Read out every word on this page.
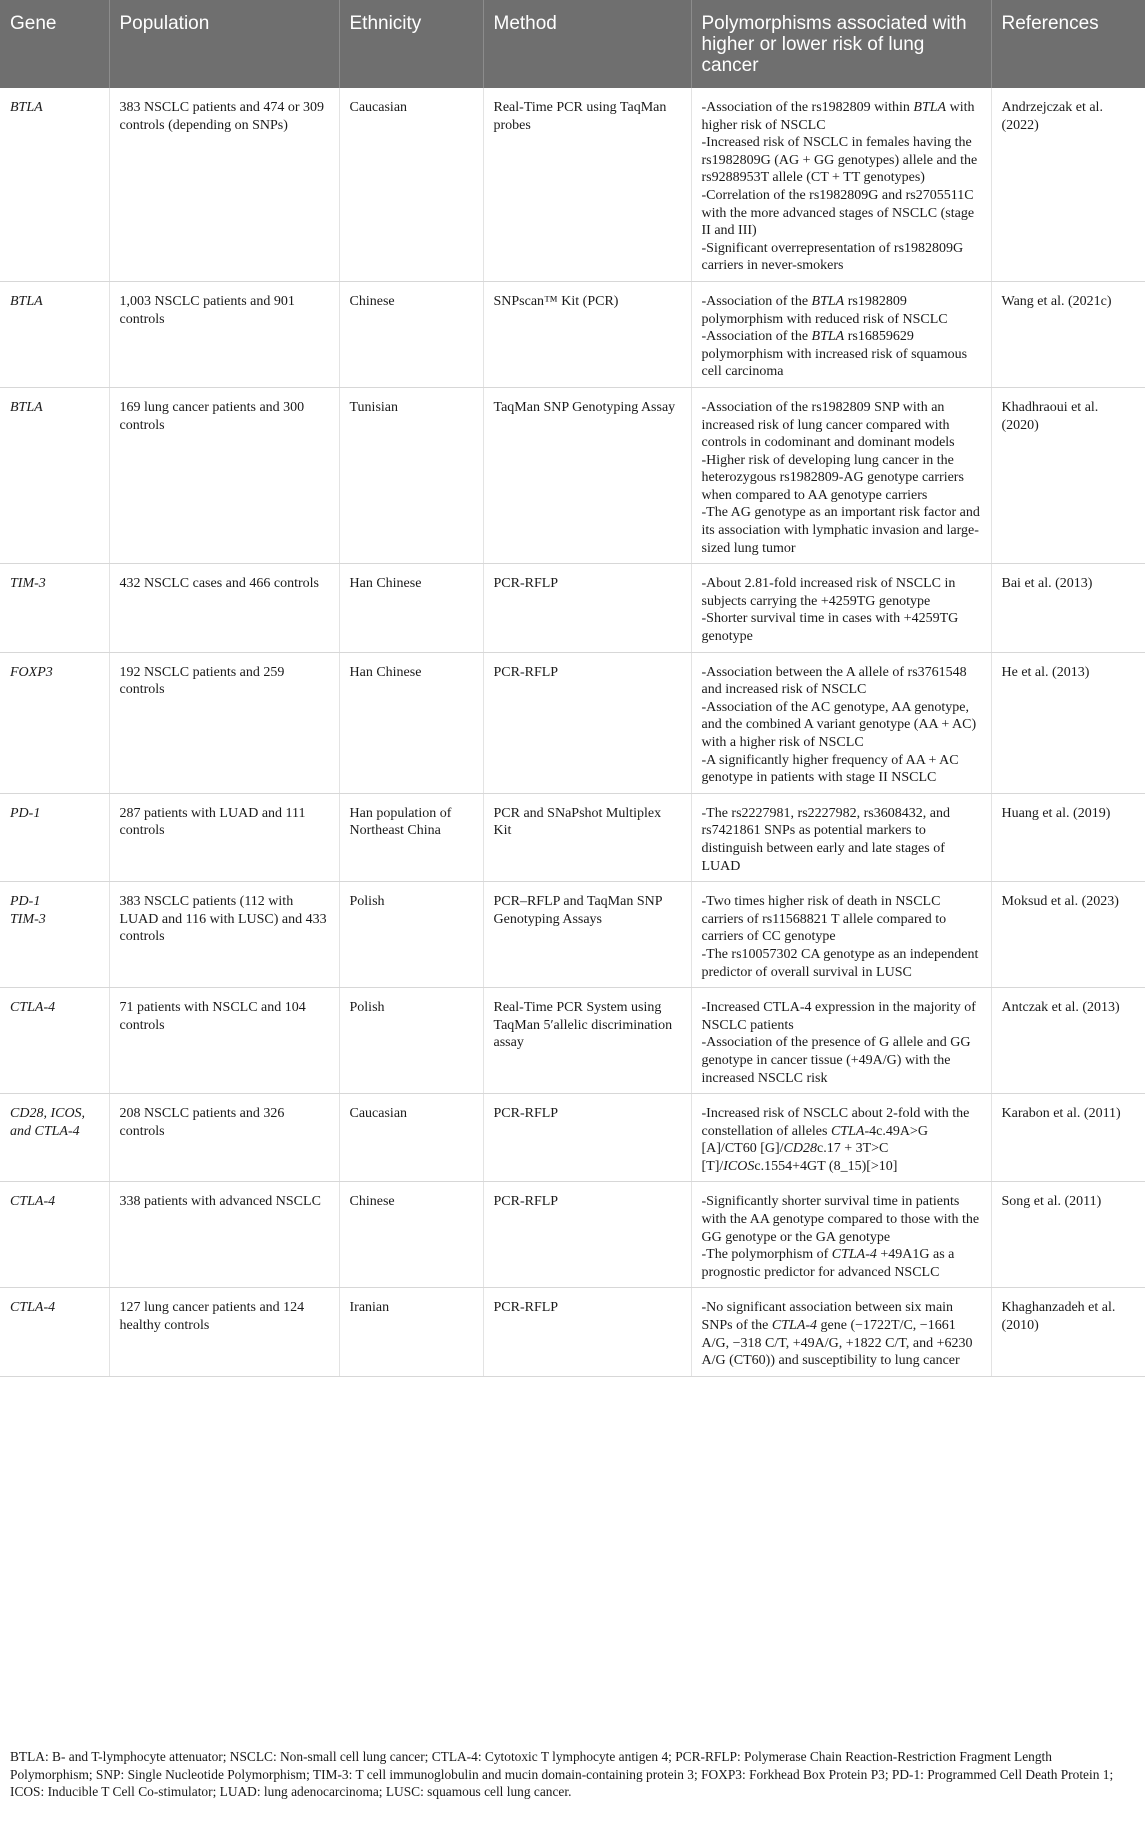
Gene	Population	Ethnicity	Method	Polymorphisms associated with higher or lower risk of lung cancer	References

BTLA	383 NSCLC patients and 474 or 309 controls (depending on SNPs)	Caucasian	Real-Time PCR using TaqMan probes	-Association of the rs1982809 within BTLA with higher risk of NSCLC
-Increased risk of NSCLC in females having the rs1982809G (AG + GG genotypes) allele and the rs9288953T allele (CT + TT genotypes)
-Correlation of the rs1982809G and rs2705511C with the more advanced stages of NSCLC (stage II and III)
-Significant overrepresentation of rs1982809G carriers in never-smokers	Andrzejczak et al. (2022)

BTLA	1,003 NSCLC patients and 901 controls	Chinese	SNPscan™ Kit (PCR)	-Association of the BTLA rs1982809 polymorphism with reduced risk of NSCLC
-Association of the BTLA rs16859629 polymorphism with increased risk of squamous cell carcinoma	Wang et al. (2021c)

BTLA	169 lung cancer patients and 300 controls	Tunisian	TaqMan SNP Genotyping Assay	-Association of the rs1982809 SNP with an increased risk of lung cancer compared with controls in codominant and dominant models
-Higher risk of developing lung cancer in the heterozygous rs1982809-AG genotype carriers when compared to AA genotype carriers
-The AG genotype as an important risk factor and its association with lymphatic invasion and large-sized lung tumor	Khadhraoui et al. (2020)

TIM-3	432 NSCLC cases and 466 controls	Han Chinese	PCR-RFLP	-About 2.81-fold increased risk of NSCLC in subjects carrying the +4259TG genotype
-Shorter survival time in cases with +4259TG genotype	Bai et al. (2013)

FOXP3	192 NSCLC patients and 259 controls	Han Chinese	PCR-RFLP	-Association between the A allele of rs3761548 and increased risk of NSCLC
-Association of the AC genotype, AA genotype, and the combined A variant genotype (AA + AC) with a higher risk of NSCLC
-A significantly higher frequency of AA + AC genotype in patients with stage II NSCLC	He et al. (2013)

PD-1	287 patients with LUAD and 111 controls	Han population of Northeast China	PCR and SNaPshot Multiplex Kit	-The rs2227981, rs2227982, rs3608432, and rs7421861 SNPs as potential markers to distinguish between early and late stages of LUAD	Huang et al. (2019)

PD-1
TIM-3	383 NSCLC patients (112 with LUAD and 116 with LUSC) and 433 controls	Polish	PCR–RFLP and TaqMan SNP Genotyping Assays	-Two times higher risk of death in NSCLC carriers of rs11568821 T allele compared to carriers of CC genotype
-The rs10057302 CA genotype as an independent predictor of overall survival in LUSC	Moksud et al. (2023)

CTLA-4	71 patients with NSCLC and 104 controls	Polish	Real-Time PCR System using TaqMan 5′allelic discrimination assay	-Increased CTLA-4 expression in the majority of NSCLC patients
-Association of the presence of G allele and GG genotype in cancer tissue (+49A/G) with the increased NSCLC risk	Antczak et al. (2013)

CD28, ICOS, and CTLA-4	208 NSCLC patients and 326 controls	Caucasian	PCR-RFLP	-Increased risk of NSCLC about 2-fold with the constellation of alleles CTLA-4c.49A>G [A]/CT60 [G]/CD28c.17 + 3T>C [T]/ICOSc.1554+4GT (8_15)[>10]	Karabon et al. (2011)

CTLA-4	338 patients with advanced NSCLC	Chinese	PCR-RFLP	-Significantly shorter survival time in patients with the AA genotype compared to those with the GG genotype or the GA genotype
-The polymorphism of CTLA-4 +49A1G as a prognostic predictor for advanced NSCLC	Song et al. (2011)

CTLA-4	127 lung cancer patients and 124 healthy controls	Iranian	PCR-RFLP	-No significant association between six main SNPs of the CTLA-4 gene (−1722T/C, −1661 A/G, −318 C/T, +49A/G, +1822 C/T, and +6230 A/G (CT60)) and susceptibility to lung cancer	Khaghanzadeh et al. (2010)
BTLA: B- and T-lymphocyte attenuator; NSCLC: Non-small cell lung cancer; CTLA-4: Cytotoxic T lymphocyte antigen 4; PCR-RFLP: Polymerase Chain Reaction-Restriction Fragment Length Polymorphism; SNP: Single Nucleotide Polymorphism; TIM-3: T cell immunoglobulin and mucin domain-containing protein 3; FOXP3: Forkhead Box Protein P3; PD-1: Programmed Cell Death Protein 1; ICOS: Inducible T Cell Co-stimulator; LUAD: lung adenocarcinoma; LUSC: squamous cell lung cancer.
